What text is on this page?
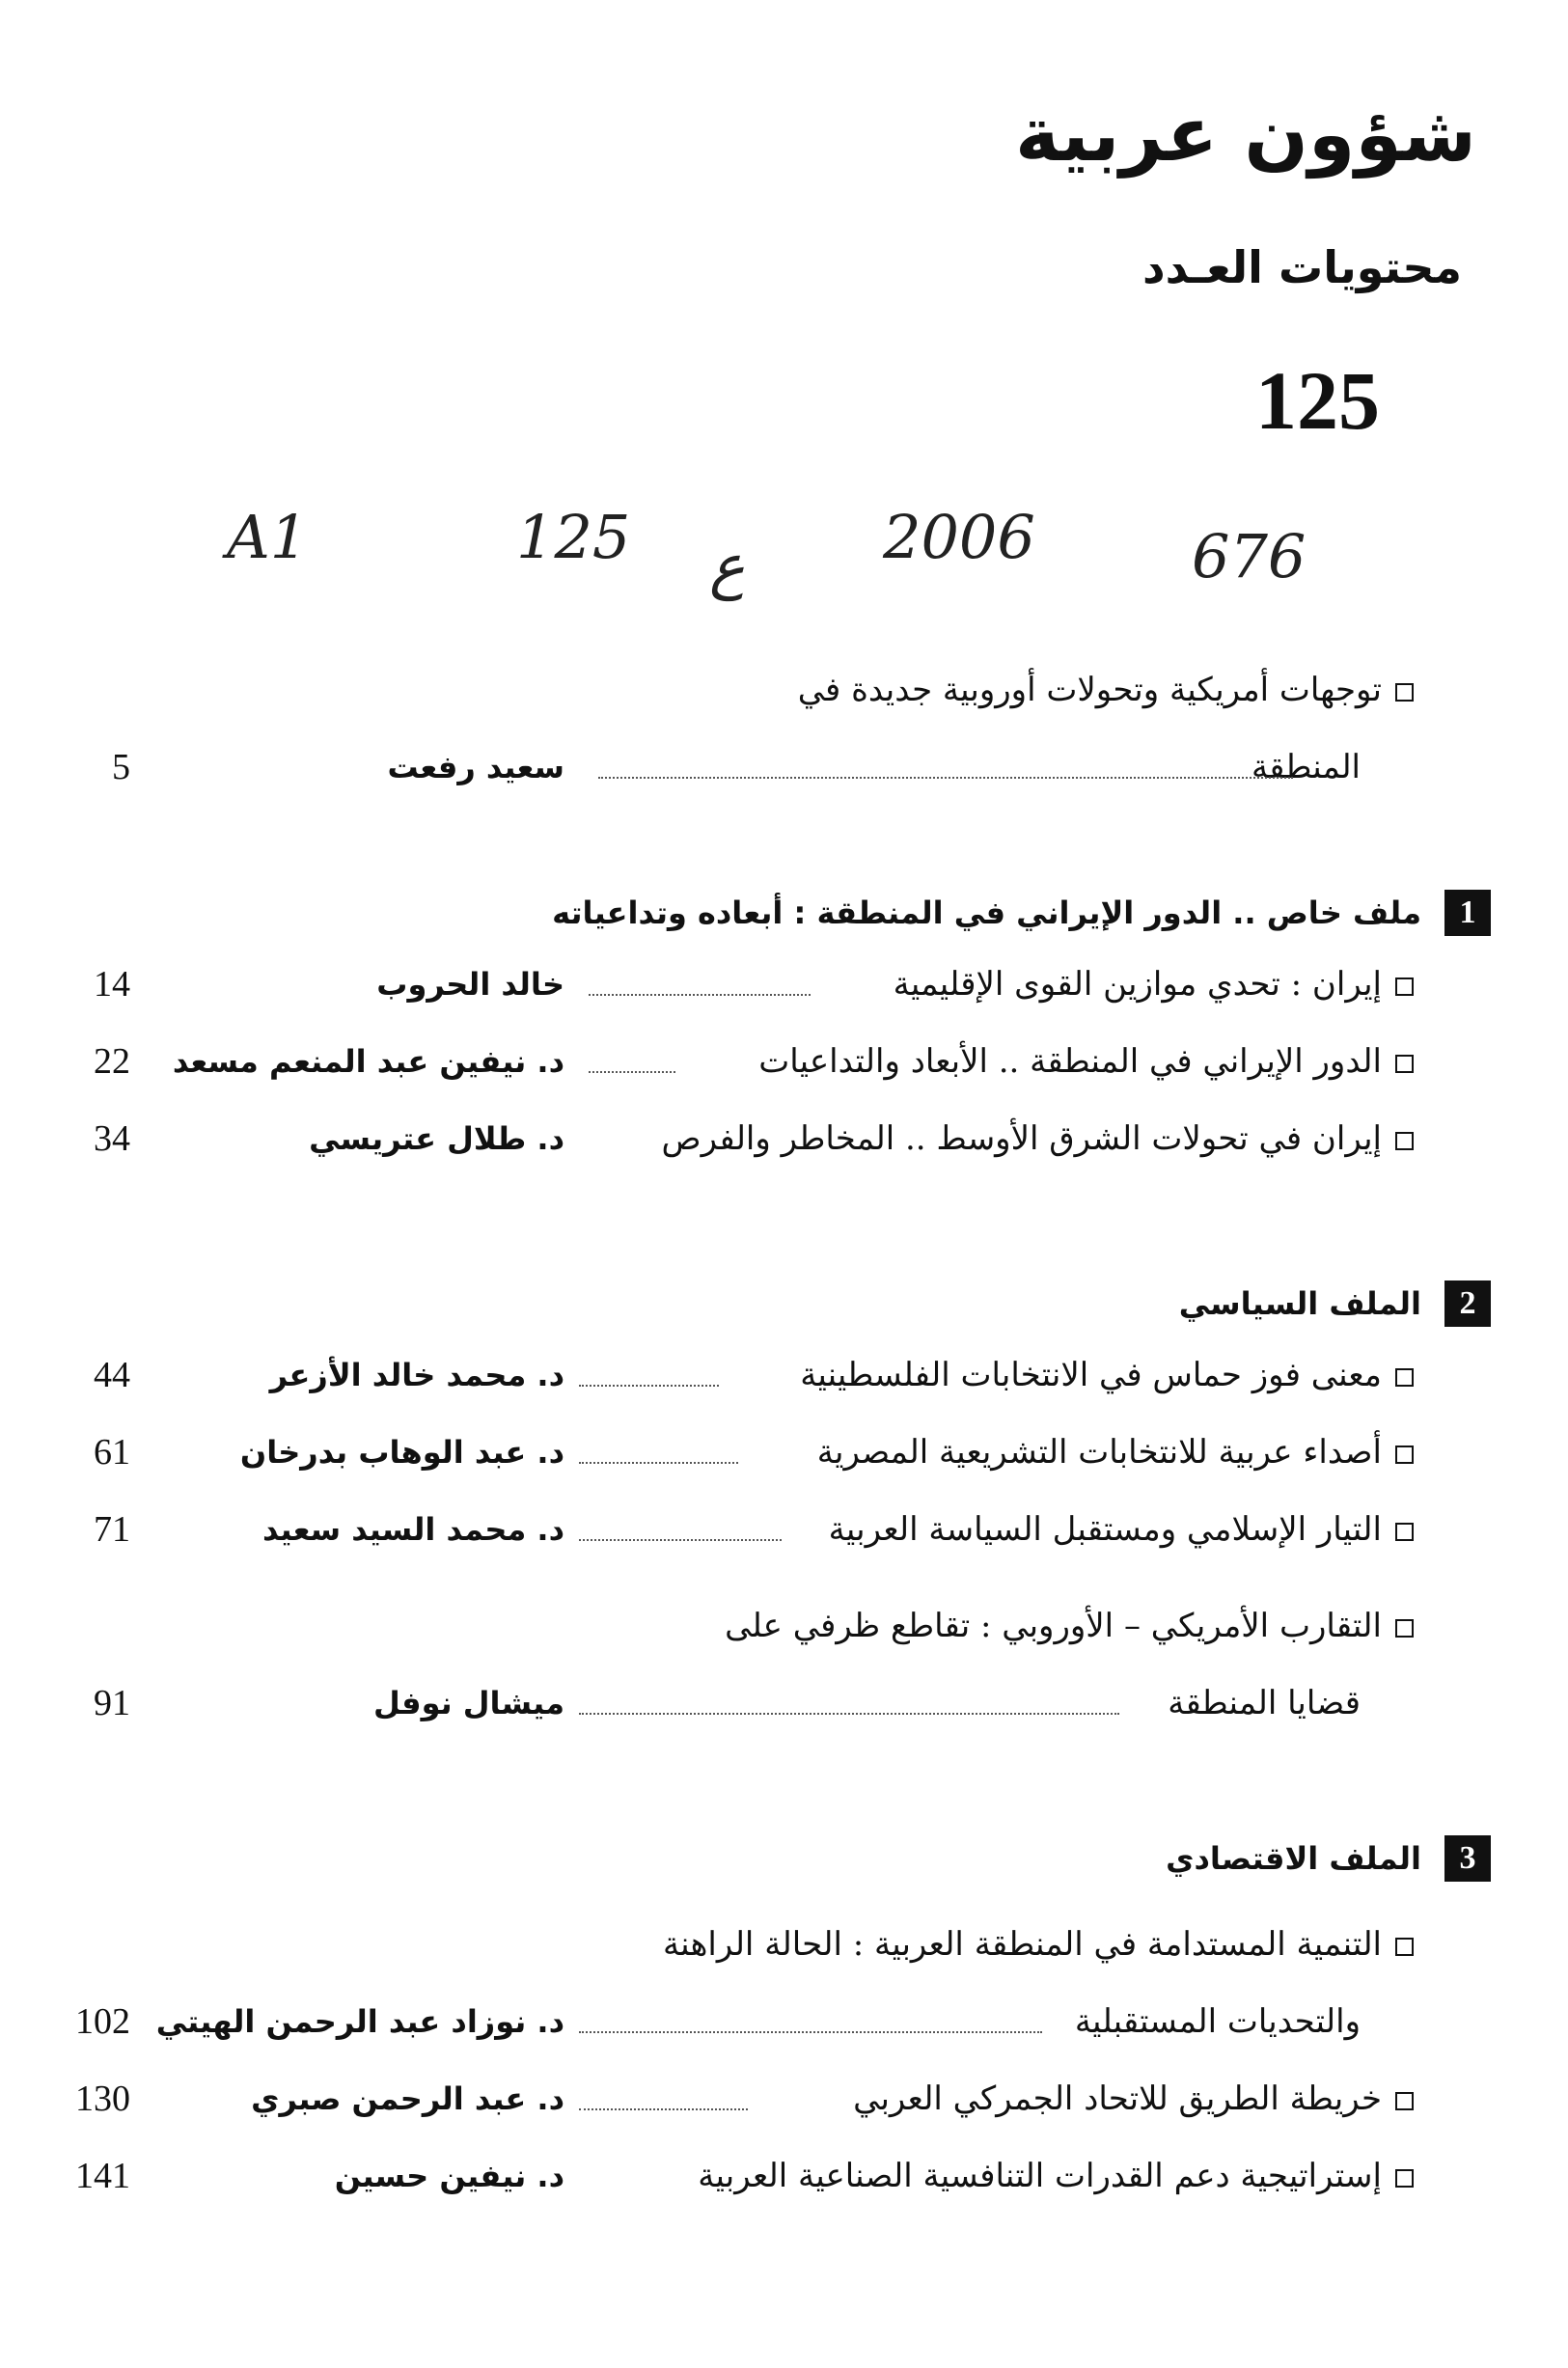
شؤون عربية
محتويات العـدد
125
A1	125 ع 2006	676
توجهات أمريكية وتحولات أوروبية جديدة في
المنطقة
سعيد رفعت
5
1ملف خاص .. الدور الإيراني في المنطقة : أبعاده وتداعياته
إيران : تحدي موازين القوى الإقليمية
خالد الحروب
14
الدور الإيراني في المنطقة .. الأبعاد والتداعيات
د. نيفين عبد المنعم مسعد
22
إيران في تحولات الشرق الأوسط .. المخاطر والفرص
د. طلال عتريسي
34
2الملف السياسي
معنى فوز حماس في الانتخابات الفلسطينية
د. محمد خالد الأزعر
44
أصداء عربية للانتخابات التشريعية المصرية
د. عبد الوهاب بدرخان
61
التيار الإسلامي ومستقبل السياسة العربية
د. محمد السيد سعيد
71
التقارب الأمريكي – الأوروبي : تقاطع ظرفي على
قضايا المنطقة
ميشال نوفل
91
3الملف الاقتصادي
التنمية المستدامة في المنطقة العربية : الحالة الراهنة
والتحديات المستقبلية
د. نوزاد عبد الرحمن الهيتي
102
خريطة الطريق للاتحاد الجمركي العربي
د. عبد الرحمن صبري
130
إستراتيجية دعم القدرات التنافسية الصناعية العربية
د. نيفين حسين
141
